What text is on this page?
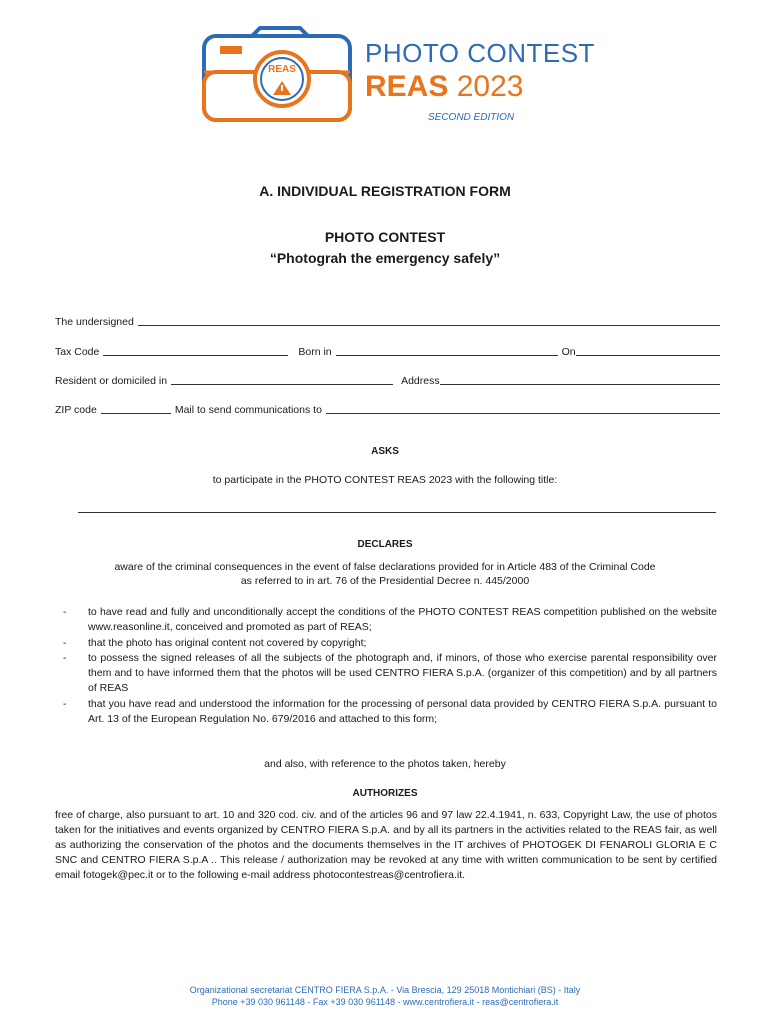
REAS
PHOTO CONTEST
REAS 2023
SECOND EDITION
A. INDIVIDUAL REGISTRATION FORM
PHOTO CONTEST
“Photograh the emergency safely”
The undersigned
Tax Code	Born in	On
Resident or domiciled in	Address
ZIP code	Mail to send communications to
ASKS
to participate in the PHOTO CONTEST REAS 2023 with the following title:
DECLARES
aware of the criminal consequences in the event of false declarations provided for in Article 483 of the Criminal Code
as referred to in art. 76 of the Presidential Decree n. 445/2000
- to have read and fully and unconditionally accept the conditions of the PHOTO CONTEST REAS competition published on the website www.reasonline.it, conceived and promoted as part of REAS;
- that the photo has original content not covered by copyright;
- to possess the signed releases of all the subjects of the photograph and, if minors, of those who exercise parental responsibility over them and to have informed them that the photos will be used CENTRO FIERA S.p.A. (organizer of this competition) and by all partners of REAS
- that you have read and understood the information for the processing of personal data provided by CENTRO FIERA S.p.A. pursuant to Art. 13 of the European Regulation No. 679/2016 and attached to this form;
and also, with reference to the photos taken, hereby
AUTHORIZES
free of charge, also pursuant to art. 10 and 320 cod. civ. and of the articles 96 and 97 law 22.4.1941, n. 633, Copyright Law, the use of photos taken for the initiatives and events organized by CENTRO FIERA S.p.A. and by all its partners in the activities related to the REAS fair, as well as authorizing the conservation of the photos and the documents themselves in the IT archives of PHOTOGEK DI FENAROLI GLORIA E C SNC and CENTRO FIERA S.p.A .. This release / authorization may be revoked at any time with written communication to be sent by certified email fotogek@pec.it or to the following e-mail address photocontestreas@centrofiera.it.
Organizational secretariat CENTRO FIERA S.p.A. - Via Brescia, 129 25018 Montichiari (BS) - Italy
Phone +39 030 961148 - Fax +39 030 961148 - www.centrofiera.it - reas@centrofiera.it
